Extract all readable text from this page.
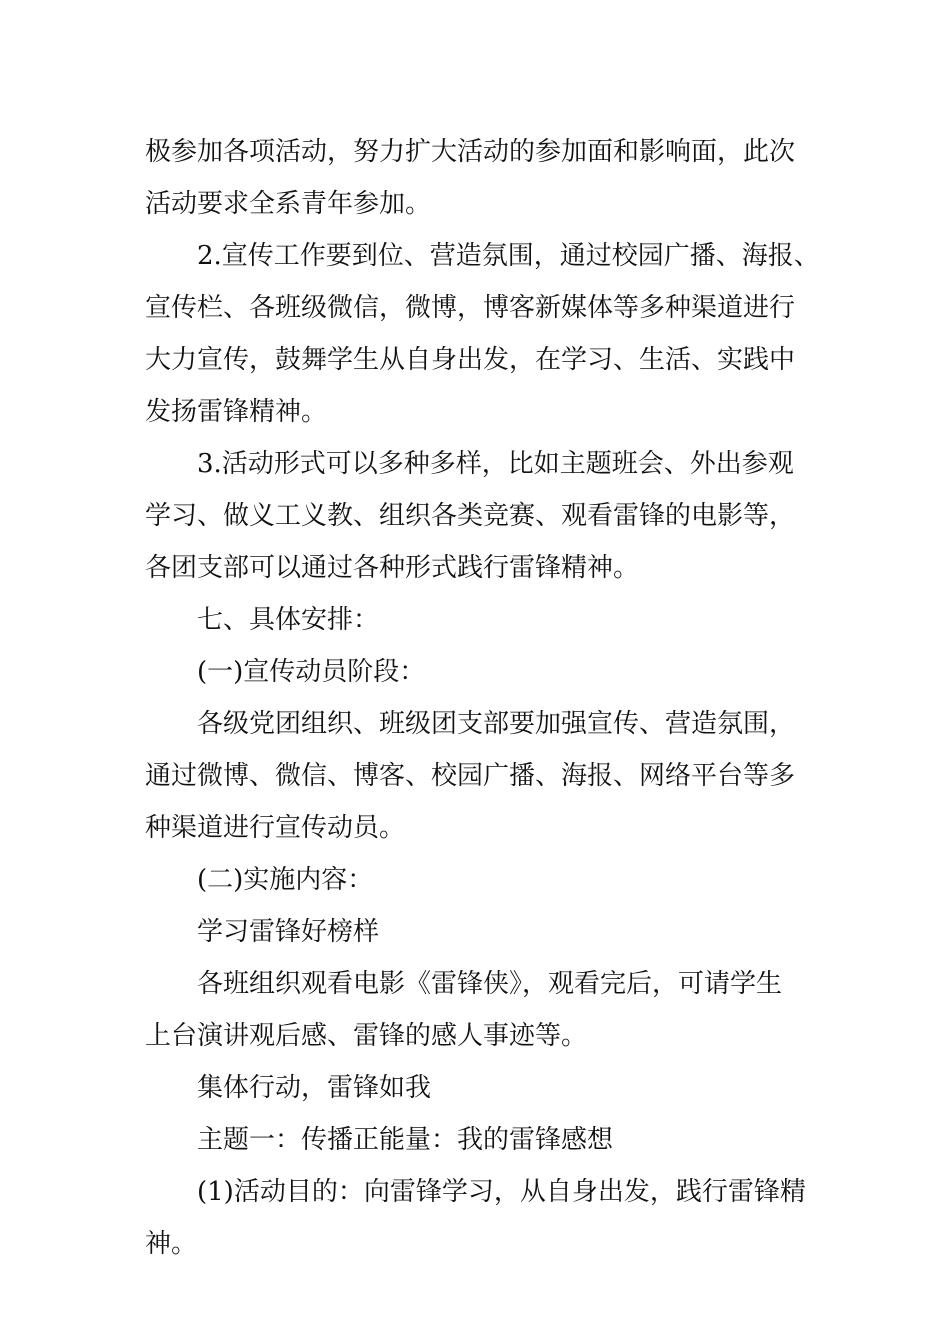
极参加各项活动，努力扩大活动的参加面和影响面，此次

活动要求全系青年参加。

2.宣传工作要到位、营造氛围，通过校园广播、海报、

宣传栏、各班级微信，微博，博客新媒体等多种渠道进行

大力宣传，鼓舞学生从自身出发，在学习、生活、实践中

发扬雷锋精神。

3.活动形式可以多种多样，比如主题班会、外出参观

学习、做义工义教、组织各类竞赛、观看雷锋的电影等，

各团支部可以通过各种形式践行雷锋精神。

七、具体安排：

(一)宣传动员阶段：

各级党团组织、班级团支部要加强宣传、营造氛围，

通过微博、微信、博客、校园广播、海报、网络平台等多

种渠道进行宣传动员。

(二)实施内容：

学习雷锋好榜样

各班组织观看电影《雷锋侠》，观看完后，可请学生

上台演讲观后感、雷锋的感人事迹等。

集体行动，雷锋如我

主题一：传播正能量：我的雷锋感想

(1)活动目的：向雷锋学习，从自身出发，践行雷锋精

神。
